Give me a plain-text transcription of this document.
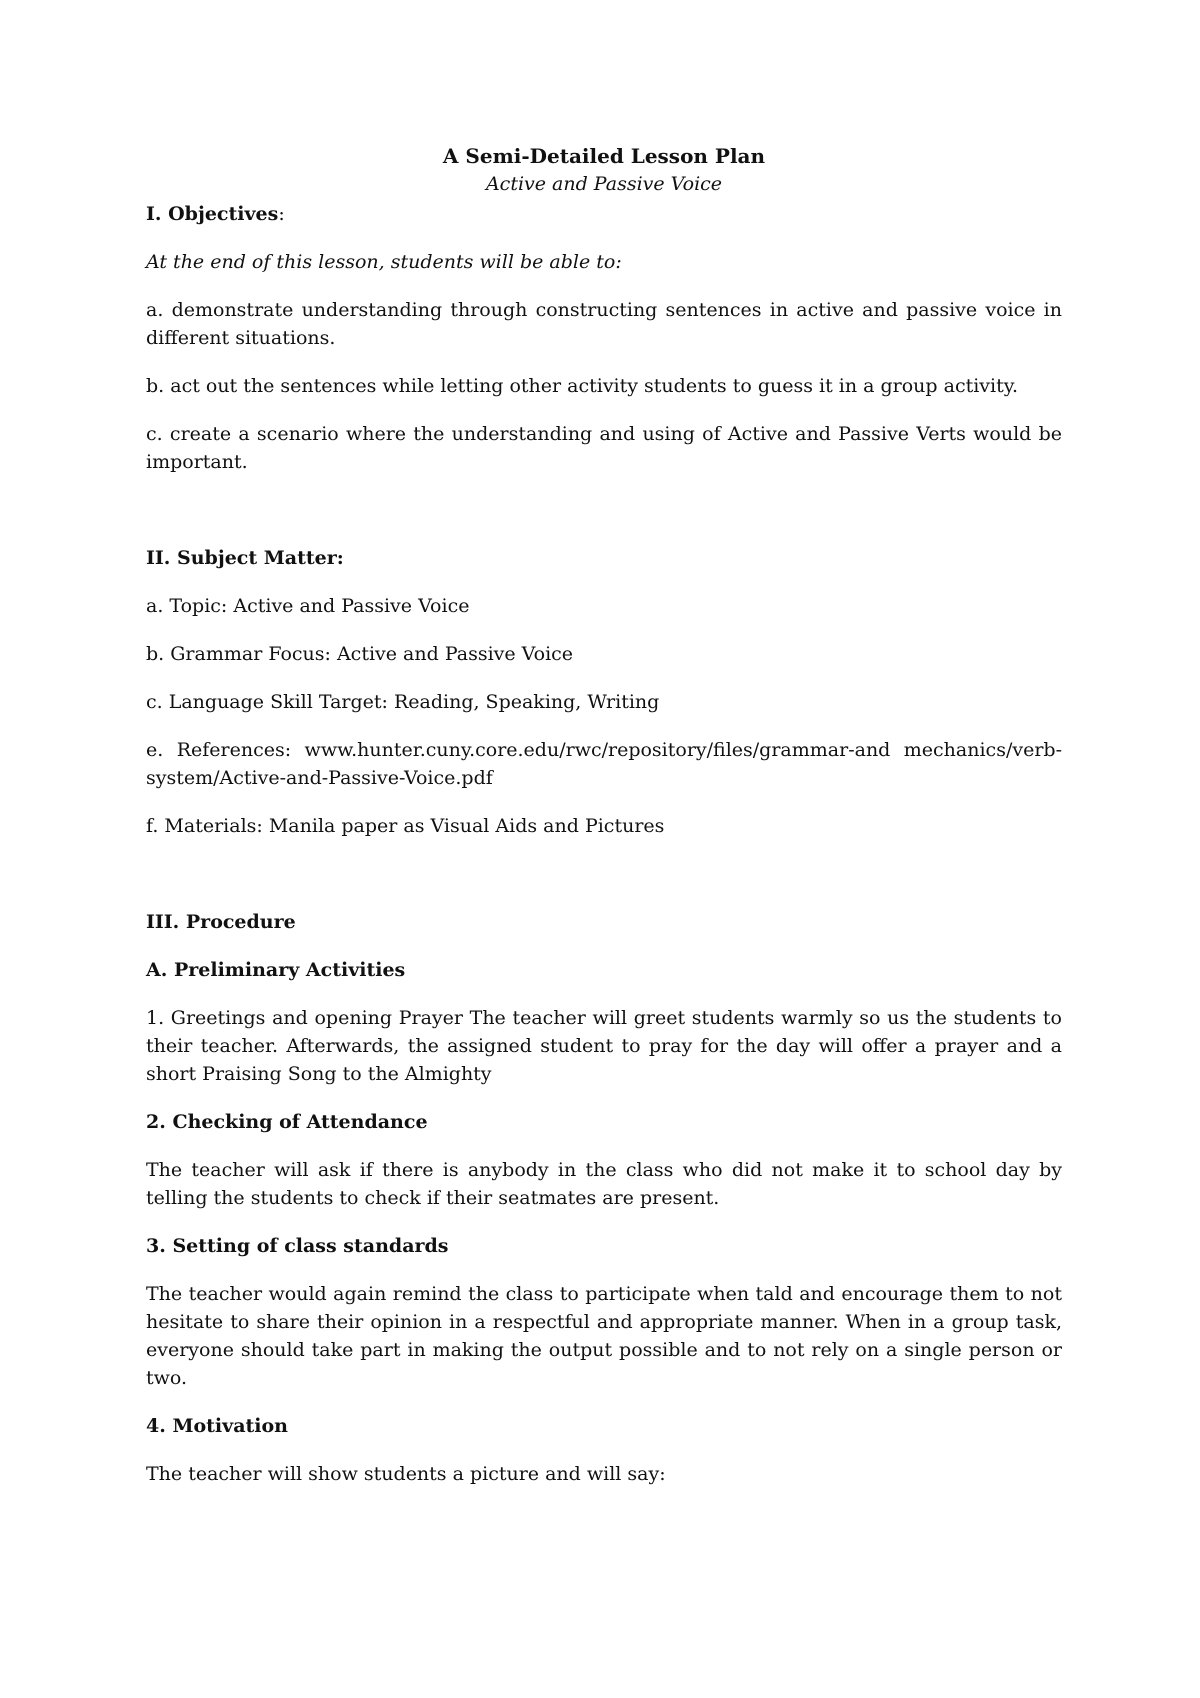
A Semi-Detailed Lesson Plan
Active and Passive Voice
I. Objectives:

At the end of this lesson, students will be able to:

a. demonstrate understanding through constructing sentences in active and passive voice in different situations.

b. act out the sentences while letting other activity students to guess it in a group activity.

c. create a scenario where the understanding and using of Active and Passive Verts would be important.

II. Subject Matter:

a. Topic: Active and Passive Voice

b. Grammar Focus: Active and Passive Voice

c. Language Skill Target: Reading, Speaking, Writing

e. References: www.hunter.cuny.core.edu/rwc/repository/files/grammar-and mechanics/verb-system/Active-and-Passive-Voice.pdf

f. Materials: Manila paper as Visual Aids and Pictures

III. Procedure

A. Preliminary Activities

1. Greetings and opening Prayer The teacher will greet students warmly so us the students to their teacher. Afterwards, the assigned student to pray for the day will offer a prayer and a short Praising Song to the Almighty

2. Checking of Attendance

The teacher will ask if there is anybody in the class who did not make it to school day by telling the students to check if their seatmates are present.

3. Setting of class standards

The teacher would again remind the class to participate when tald and encourage them to not hesitate to share their opinion in a respectful and appropriate manner. When in a group task, everyone should take part in making the output possible and to not rely on a single person or two.

4. Motivation

The teacher will show students a picture and will say:
